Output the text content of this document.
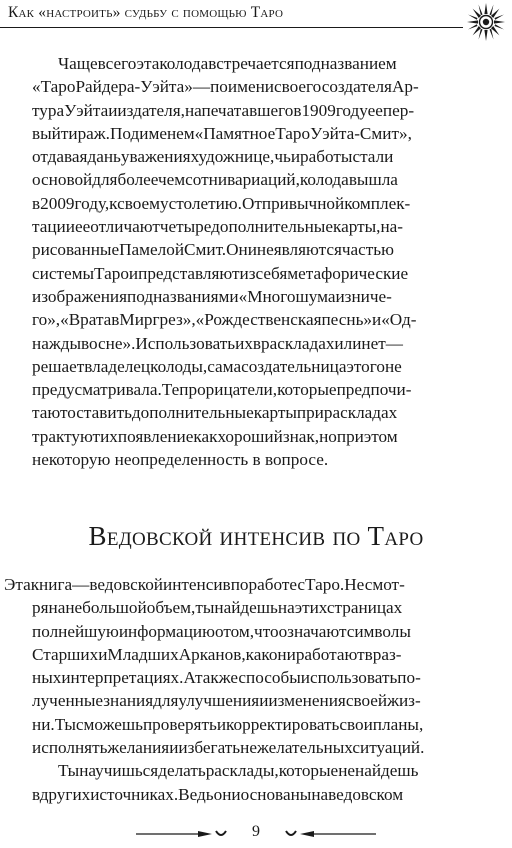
Как «настроить» судьбу с помощью Таро
Чащевсегоэтаколодавстречаетсяподназванием
«ТароРайдера-Уэйта»—поименисвоегосоздателяАр-
тураУэйтаииздателя,напечатавшегов1909годуеепер-
выйтираж.Подименем«ПамятноеТароУэйта-Смит»,
отдаваяданьуваженияхудожнице,чьиработыстали
основойдляболеечемсотнивариаций,колодавышла
в2009году,ксвоемустолетию.Отпривычнойкомплек-
тацииееотличаютчетыредополнительныекарты,на-
рисованныеПамелойСмит.Онинеявляютсячастью
системыТароипредставляютизсебяметафорические
изображенияподназваниями«Многошумаизниче-
го»,«ВратавМиргрез»,«Рождественскаяпеснь»и«Од-
наждывосне».Использоватьихвраскладахилинет—
решаетвладелецколоды,самасоздательницаэтогоне
предусматривала.Тепрорицатели,которыепредпочи-
таютоставитьдополнительныекартыприраскладах
трактуютихпоявлениекакхорошийзнак,ноприэтом
некоторую неопределенность в вопросе.
Ведовской интенсив по Таро
Этакнига—ведовскойинтенсивпоработесТаро.Несмот-
рянанебольшойобъем,тынайдешьнаэтихстраницах
полнейшуюинформациюотом,чтоозначаютсимволы
СтаршихиМладшихАрканов,какониработаютвраз-
ныхинтерпретациях.Атакжеспособыиспользоватьпо-
лученныезнаниядляулучшенияиизменениясвоейжиз-
ни.Тысможешьпроверятьикорректироватьсвоипланы,
исполнятьжеланияиизбегатьнежелательныхситуаций.
Тынаучишьсяделатьрасклады,которыененайдешь
вдругихисточниках.Ведьониоснованынаведовском
9
